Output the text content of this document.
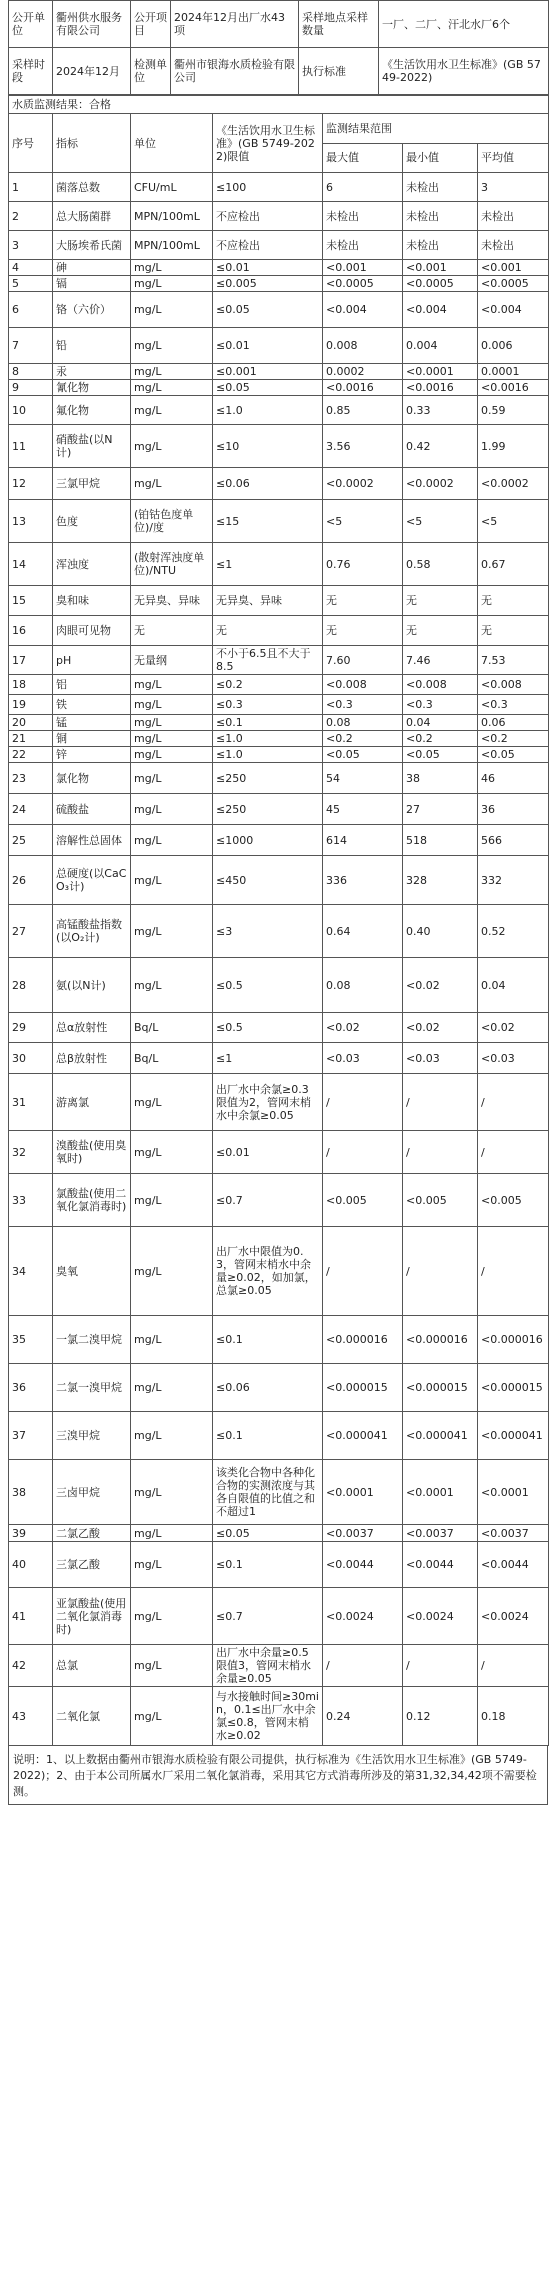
公开单位	衢州供水服务有限公司	公开项目	2024年12月出厂水43项	采样地点采样数量	一厂、二厂、汗北水厂6个
采样时段	2024年12月	检测单位	衢州市银海水质检验有限公司	执行标准	《生活饮用水卫生标准》(GB 5749-2022)
水质监测结果：合格						
序号	指标	单位	《生活饮用水卫生标准》(GB 5749-2022)限值	监测结果范围		
				最大值	最小值	平均值
1	菌落总数	CFU/mL	≤100	6	未检出	3
2	总大肠菌群	MPN/100mL	不应检出	未检出	未检出	未检出
3	大肠埃希氏菌	MPN/100mL	不应检出	未检出	未检出	未检出
4	砷	mg/L	≤0.01	<0.001	<0.001	<0.001
5	镉	mg/L	≤0.005	<0.0005	<0.0005	<0.0005
6	铬（六价）	mg/L	≤0.05	<0.004	<0.004	<0.004
7	铅	mg/L	≤0.01	0.008	0.004	0.006
8	汞	mg/L	≤0.001	0.0002	<0.0001	0.0001
9	氰化物	mg/L	≤0.05	<0.0016	<0.0016	<0.0016
10	氟化物	mg/L	≤1.0	0.85	0.33	0.59
11	硝酸盐(以N计)	mg/L	≤10	3.56	0.42	1.99
12	三氯甲烷	mg/L	≤0.06	<0.0002	<0.0002	<0.0002
13	色度	(铂钴色度单位)/度	≤15	<5	<5	<5
14	浑浊度	(散射浑浊度单位)/NTU	≤1	0.76	0.58	0.67
15	臭和味	无异臭、异味	无异臭、异味	无	无	无
16	肉眼可见物	无	无	无	无	无
17	pH	无量纲	不小于6.5且不大于8.5	7.60	7.46	7.53
18	铝	mg/L	≤0.2	<0.008	<0.008	<0.008
19	铁	mg/L	≤0.3	<0.3	<0.3	<0.3
20	锰	mg/L	≤0.1	0.08	0.04	0.06
21	铜	mg/L	≤1.0	<0.2	<0.2	<0.2
22	锌	mg/L	≤1.0	<0.05	<0.05	<0.05
23	氯化物	mg/L	≤250	54	38	46
24	硫酸盐	mg/L	≤250	45	27	36
25	溶解性总固体	mg/L	≤1000	614	518	566
26	总硬度(以CaCO₃计)	mg/L	≤450	336	328	332
27	高锰酸盐指数(以O₂计)	mg/L	≤3	0.64	0.40	0.52
28	氨(以N计)	mg/L	≤0.5	0.08	<0.02	0.04
29	总α放射性	Bq/L	≤0.5	<0.02	<0.02	<0.02
30	总β放射性	Bq/L	≤1	<0.03	<0.03	<0.03
31	游离氯	mg/L	出厂水中余氯≥0.3限值为2，管网末梢水中余氯≥0.05	/	/	/
32	溴酸盐(使用臭氧时)	mg/L	≤0.01	/	/	/
33	氯酸盐(使用二氧化氯消毒时)	mg/L	≤0.7	<0.005	<0.005	<0.005
34	臭氧	mg/L	出厂水中限值为0.3，管网末梢水中余量≥0.02，如加氯，总氯≥0.05	/	/	/
35	一氯二溴甲烷	mg/L	≤0.1	<0.000016	<0.000016	<0.000016
36	二氯一溴甲烷	mg/L	≤0.06	<0.000015	<0.000015	<0.000015
37	三溴甲烷	mg/L	≤0.1	<0.000041	<0.000041	<0.000041
38	三卤甲烷	mg/L	该类化合物中各种化合物的实测浓度与其各自限值的比值之和不超过1	<0.0001	<0.0001	<0.0001
39	二氯乙酸	mg/L	≤0.05	<0.0037	<0.0037	<0.0037
40	三氯乙酸	mg/L	≤0.1	<0.0044	<0.0044	<0.0044
41	亚氯酸盐(使用二氧化氯消毒时)	mg/L	≤0.7	<0.0024	<0.0024	<0.0024
42	总氯	mg/L	出厂水中余量≥0.5限值3，管网末梢水余量≥0.05	/	/	/
43	二氧化氯	mg/L	与水接触时间≥30min，0.1≤出厂水中余氯≤0.8，管网末梢水≥0.02	0.24	0.12	0.18
说明：1、以上数据由衢州市银海水质检验有限公司提供，执行标准为《生活饮用水卫生标准》(GB 5749-2022)；2、由于本公司所属水厂采用二氧化氯消毒，采用其它方式消毒所涉及的第31,32,34,42项不需要检测。
